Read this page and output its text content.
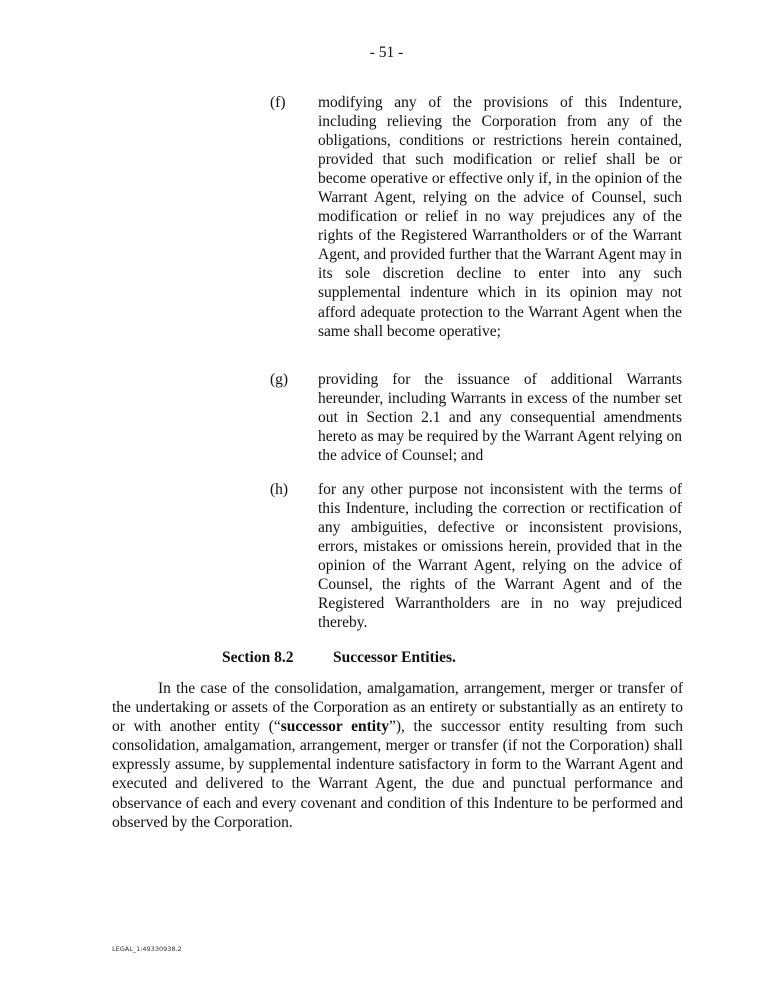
- 51 -
(f) modifying any of the provisions of this Indenture, including relieving the Corporation from any of the obligations, conditions or restrictions herein contained, provided that such modification or relief shall be or become operative or effective only if, in the opinion of the Warrant Agent, relying on the advice of Counsel, such modification or relief in no way prejudices any of the rights of the Registered Warrantholders or of the Warrant Agent, and provided further that the Warrant Agent may in its sole discretion decline to enter into any such supplemental indenture which in its opinion may not afford adequate protection to the Warrant Agent when the same shall become operative;
(g) providing for the issuance of additional Warrants hereunder, including Warrants in excess of the number set out in Section 2.1 and any consequential amendments hereto as may be required by the Warrant Agent relying on the advice of Counsel; and
(h) for any other purpose not inconsistent with the terms of this Indenture, including the correction or rectification of any ambiguities, defective or inconsistent provisions, errors, mistakes or omissions herein, provided that in the opinion of the Warrant Agent, relying on the advice of Counsel, the rights of the Warrant Agent and of the Registered Warrantholders are in no way prejudiced thereby.
Section 8.2	Successor Entities.
In the case of the consolidation, amalgamation, arrangement, merger or transfer of the undertaking or assets of the Corporation as an entirety or substantially as an entirety to or with another entity (“successor entity”), the successor entity resulting from such consolidation, amalgamation, arrangement, merger or transfer (if not the Corporation) shall expressly assume, by supplemental indenture satisfactory in form to the Warrant Agent and executed and delivered to the Warrant Agent, the due and punctual performance and observance of each and every covenant and condition of this Indenture to be performed and observed by the Corporation.
LEGAL_1:49330938.2
